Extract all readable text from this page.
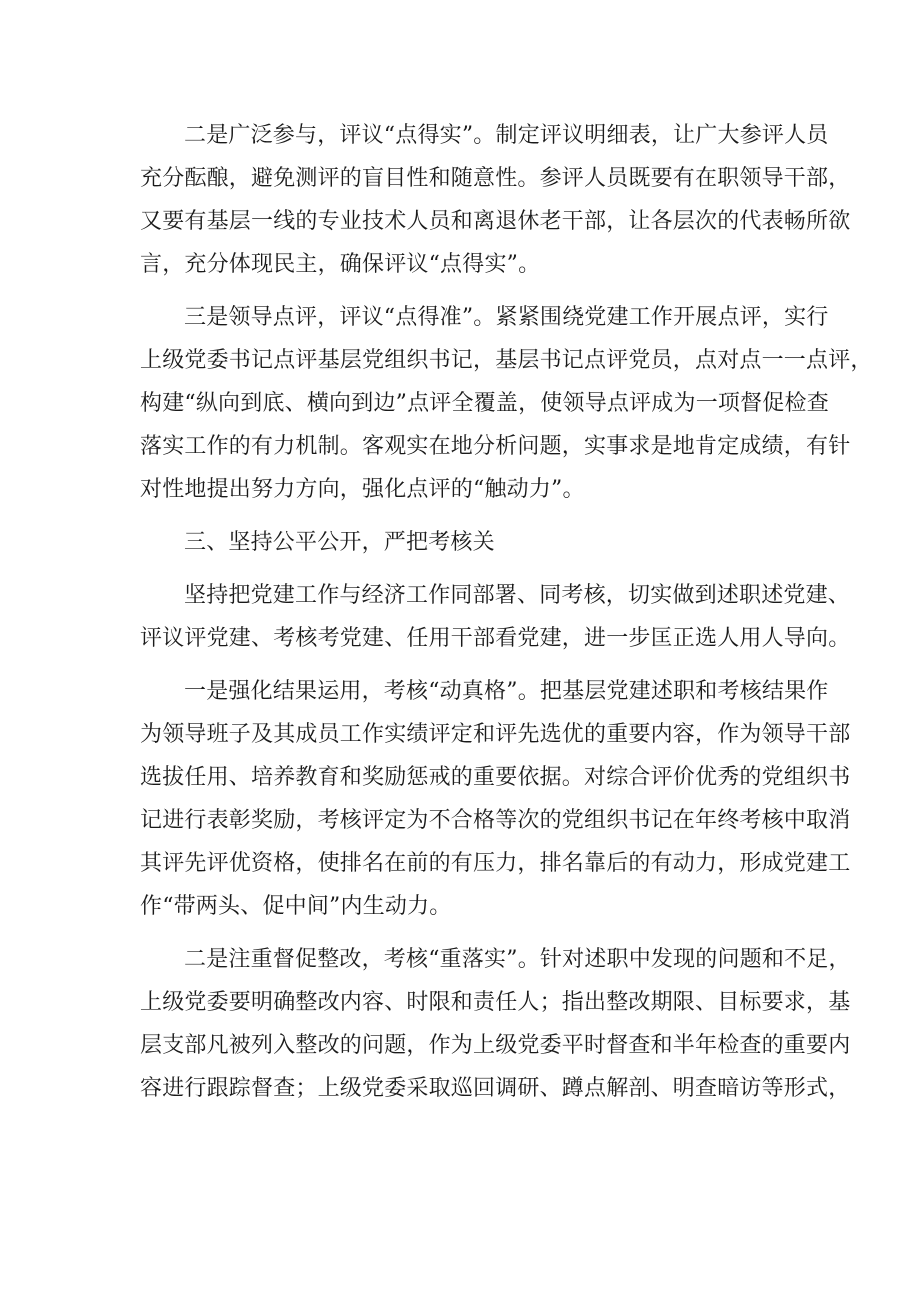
二是广泛参与，评议“点得实”。制定评议明细表，让广大参评人员
充分酝酿，避免测评的盲目性和随意性。参评人员既要有在职领导干部，
又要有基层一线的专业技术人员和离退休老干部，让各层次的代表畅所欲
言，充分体现民主，确保评议“点得实”。

三是领导点评，评议“点得准”。紧紧围绕党建工作开展点评，实行
上级党委书记点评基层党组织书记，基层书记点评党员，点对点一一点评，
构建“纵向到底、横向到边”点评全覆盖，使领导点评成为一项督促检查
落实工作的有力机制。客观实在地分析问题，实事求是地肯定成绩，有针
对性地提出努力方向，强化点评的“触动力”。

三、坚持公平公开，严把考核关

坚持把党建工作与经济工作同部署、同考核，切实做到述职述党建、
评议评党建、考核考党建、任用干部看党建，进一步匡正选人用人导向。

一是强化结果运用，考核“动真格”。把基层党建述职和考核结果作
为领导班子及其成员工作实绩评定和评先选优的重要内容，作为领导干部
选拔任用、培养教育和奖励惩戒的重要依据。对综合评价优秀的党组织书
记进行表彰奖励，考核评定为不合格等次的党组织书记在年终考核中取消
其评先评优资格，使排名在前的有压力，排名靠后的有动力，形成党建工
作“带两头、促中间”内生动力。

二是注重督促整改，考核“重落实”。针对述职中发现的问题和不足，
上级党委要明确整改内容、时限和责任人；指出整改期限、目标要求，基
层支部凡被列入整改的问题，作为上级党委平时督查和半年检查的重要内
容进行跟踪督查；上级党委采取巡回调研、蹲点解剖、明查暗访等形式，
